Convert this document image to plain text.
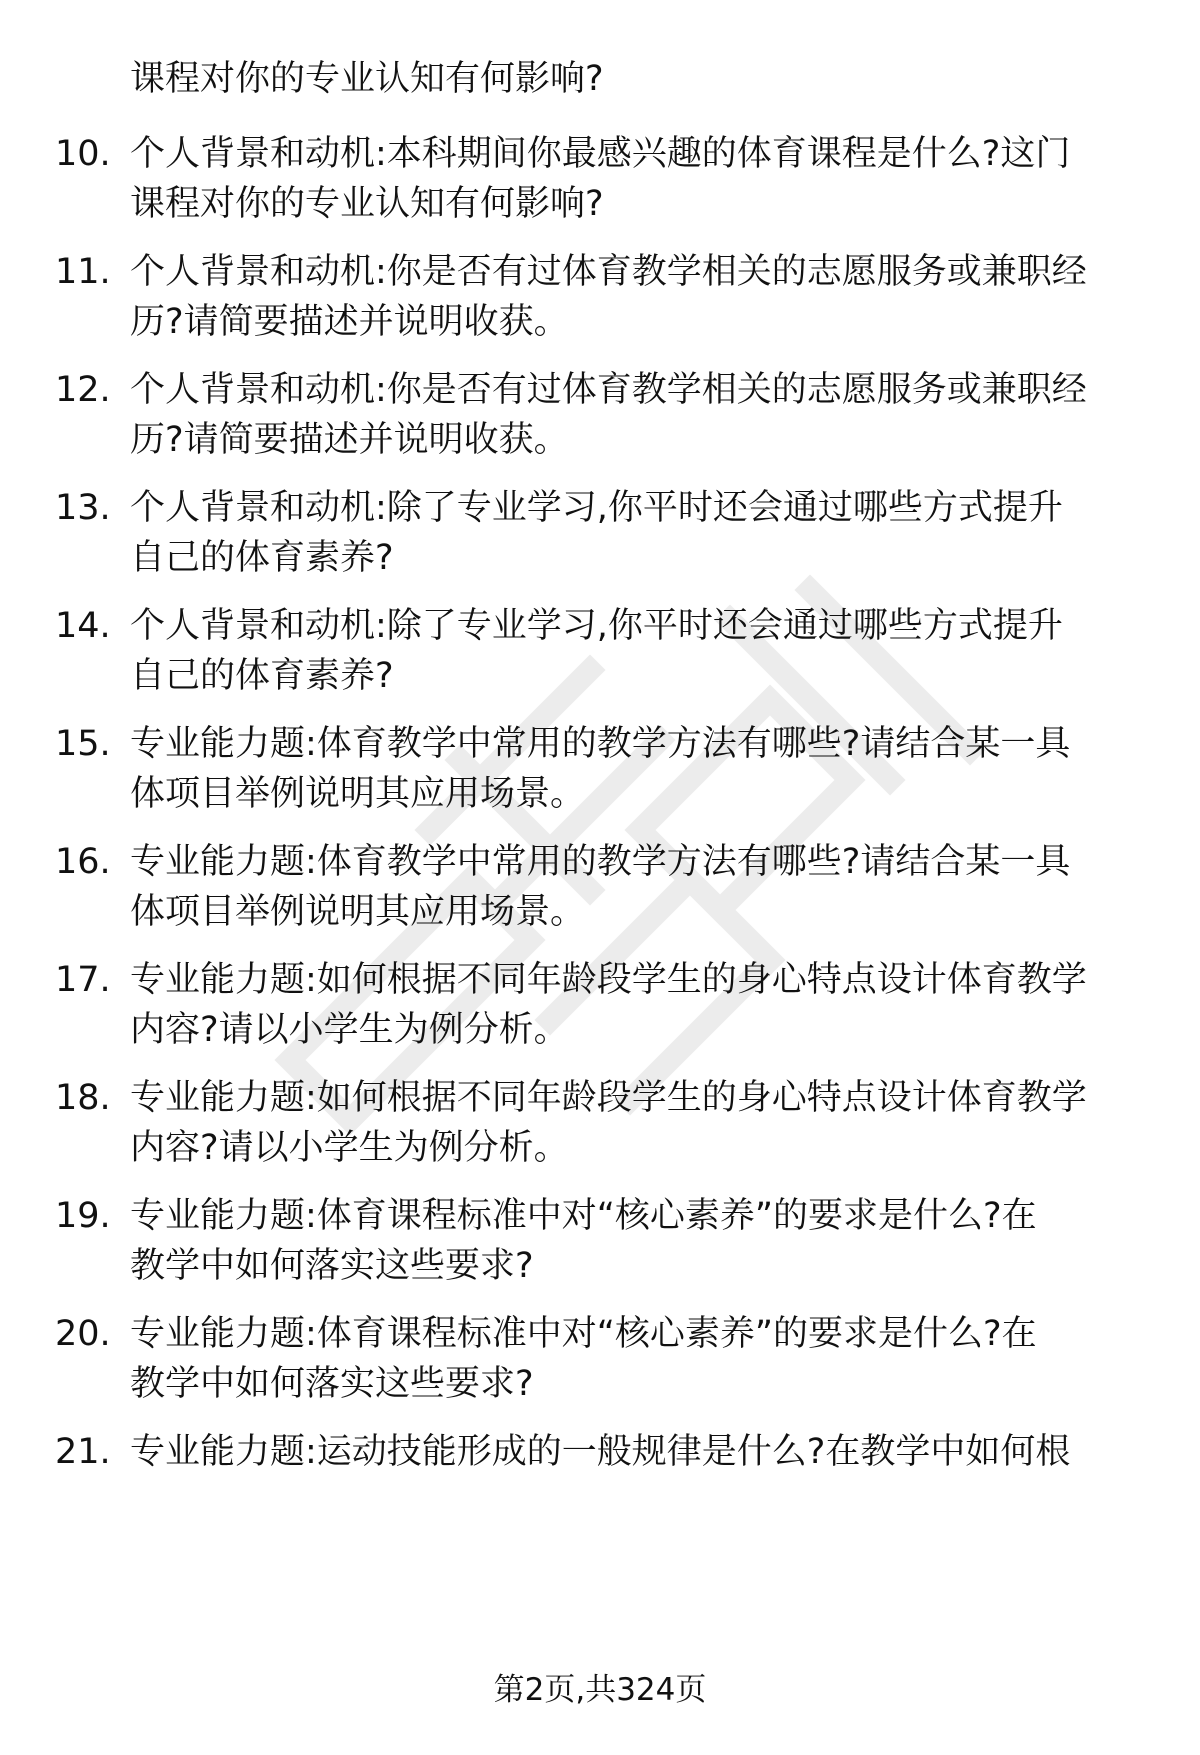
课程对你的专业认知有何影响?
10. 个人背景和动机:本科期间你最感兴趣的体育课程是什么?这门
课程对你的专业认知有何影响?
11. 个人背景和动机:你是否有过体育教学相关的志愿服务或兼职经
历?请简要描述并说明收获。
12. 个人背景和动机:你是否有过体育教学相关的志愿服务或兼职经
历?请简要描述并说明收获。
13. 个人背景和动机:除了专业学习,你平时还会通过哪些方式提升
自己的体育素养?
14. 个人背景和动机:除了专业学习,你平时还会通过哪些方式提升
自己的体育素养?
15. 专业能力题:体育教学中常用的教学方法有哪些?请结合某一具
体项目举例说明其应用场景。
16. 专业能力题:体育教学中常用的教学方法有哪些?请结合某一具
体项目举例说明其应用场景。
17. 专业能力题:如何根据不同年龄段学生的身心特点设计体育教学
内容?请以小学生为例分析。
18. 专业能力题:如何根据不同年龄段学生的身心特点设计体育教学
内容?请以小学生为例分析。
19. 专业能力题:体育课程标准中对“核心素养”的要求是什么?在
教学中如何落实这些要求?
20. 专业能力题:体育课程标准中对“核心素养”的要求是什么?在
教学中如何落实这些要求?
21. 专业能力题:运动技能形成的一般规律是什么?在教学中如何根
第2页,共324页
